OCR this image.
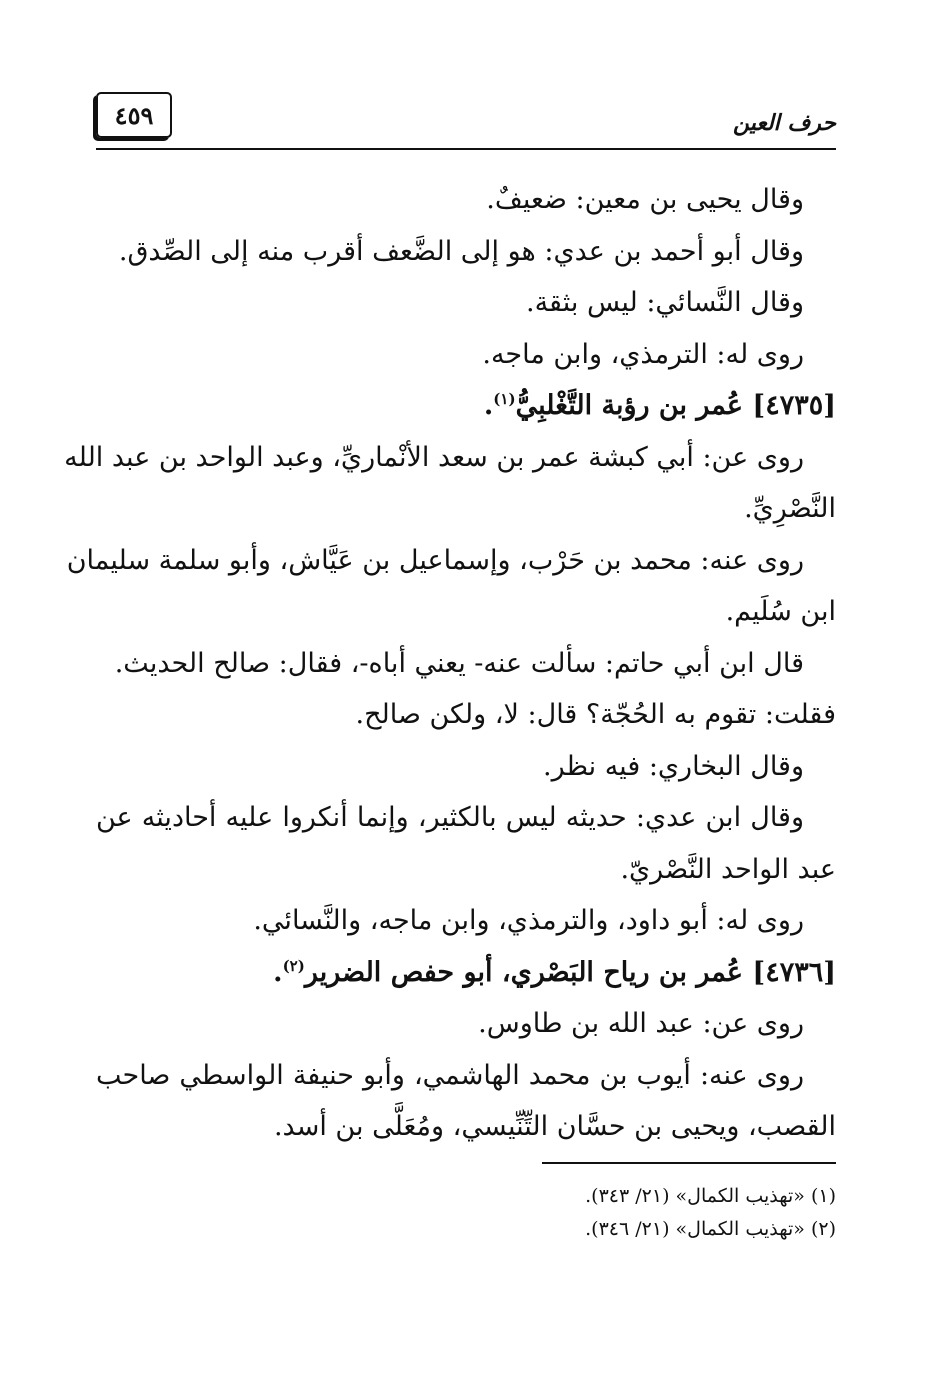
حرف العين
٤٥٩
وقال يحيى بن معين: ضعيفٌ.
وقال أبو أحمد بن عدي: هو إلى الضَّعف أقرب منه إلى الصِّدق.
وقال النَّسائي: ليس بثقة.
روى له: الترمذي، وابن ماجه.
[٤٧٣٥] عُمر بن رؤبة التَّغْلبِيُّ$^{(١)}$.
روى عن: أبي كبشة عمر بن سعد الأنْماريِّ، وعبد الواحد بن عبد الله
النَّصْرِيِّ.
روى عنه: محمد بن حَرْب، وإسماعيل بن عَيَّاش، وأبو سلمة سليمان
ابن سُلَيم.
قال ابن أبي حاتم: سألت عنه- يعني أباه-، فقال: صالح الحديث.
فقلت: تقوم به الحُجّة؟ قال: لا، ولكن صالح.
وقال البخاري: فيه نظر.
وقال ابن عدي: حديثه ليس بالكثير، وإنما أنكروا عليه أحاديثه عن
عبد الواحد النَّصْريّ.
روى له: أبو داود، والترمذي، وابن ماجه، والنَّسائي.
[٤٧٣٦] عُمر بن رياح البَصْري، أبو حفص الضرير$^{(٢)}$.
روى عن: عبد الله بن طاوس.
روى عنه: أيوب بن محمد الهاشمي، وأبو حنيفة الواسطي صاحب
القصب، ويحيى بن حسَّان التِّنِّيسي، ومُعَلَّى بن أسد.
(١) «تهذيب الكمال» (٢١/ ٣٤٣).
(٢) «تهذيب الكمال» (٢١/ ٣٤٦).
